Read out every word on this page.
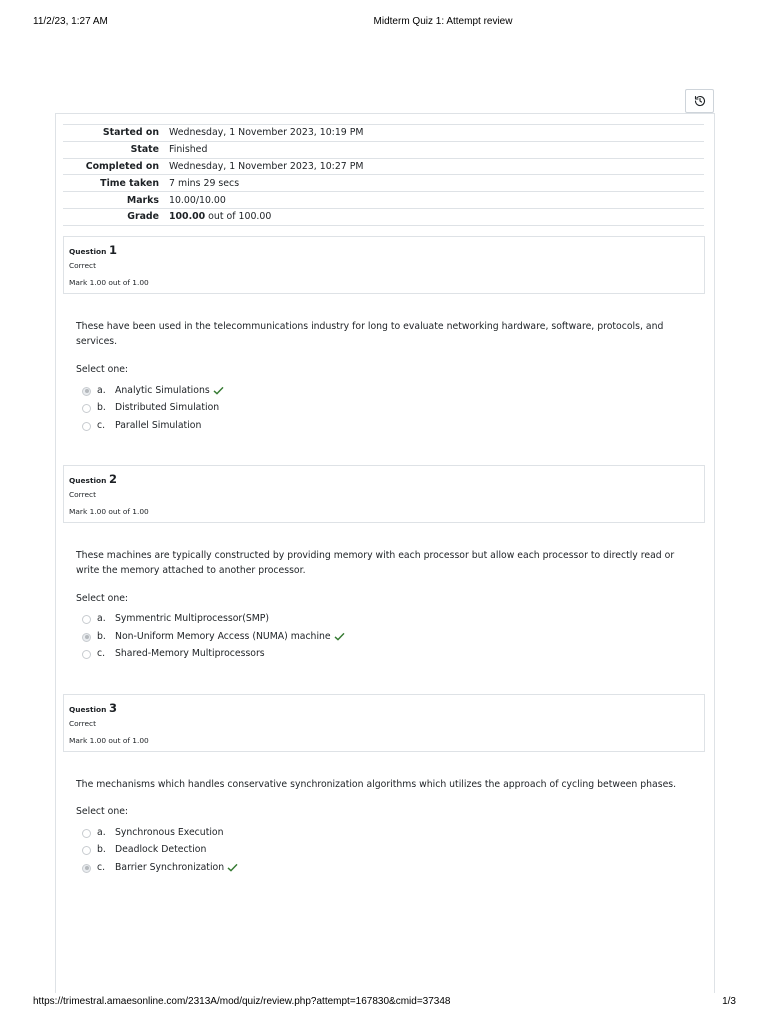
11/2/23, 1:27 AM	Midterm Quiz 1: Attempt review
Started on	Wednesday, 1 November 2023, 10:19 PM
State	Finished
Completed on	Wednesday, 1 November 2023, 10:27 PM
Time taken	7 mins 29 secs
Marks	10.00/10.00
Grade	100.00 out of 100.00
Question 1
Correct
Mark 1.00 out of 1.00
These have been used in the telecommunications industry for long to evaluate networking hardware, software, protocols, and services.
Select one:
a. Analytic Simulations
b. Distributed Simulation
c. Parallel Simulation
Question 2
Correct
Mark 1.00 out of 1.00
These machines are typically constructed by providing memory with each processor but allow each processor to directly read or write the memory attached to another processor.
Select one:
a. Symmentric Multiprocessor(SMP)
b. Non-Uniform Memory Access (NUMA) machine
c. Shared-Memory Multiprocessors
Question 3
Correct
Mark 1.00 out of 1.00
The mechanisms which handles conservative synchronization algorithms which utilizes the approach of cycling between phases.
Select one:
a. Synchronous Execution
b. Deadlock Detection
c. Barrier Synchronization
https://trimestral.amaesonline.com/2313A/mod/quiz/review.php?attempt=167830&cmid=37348	1/3
